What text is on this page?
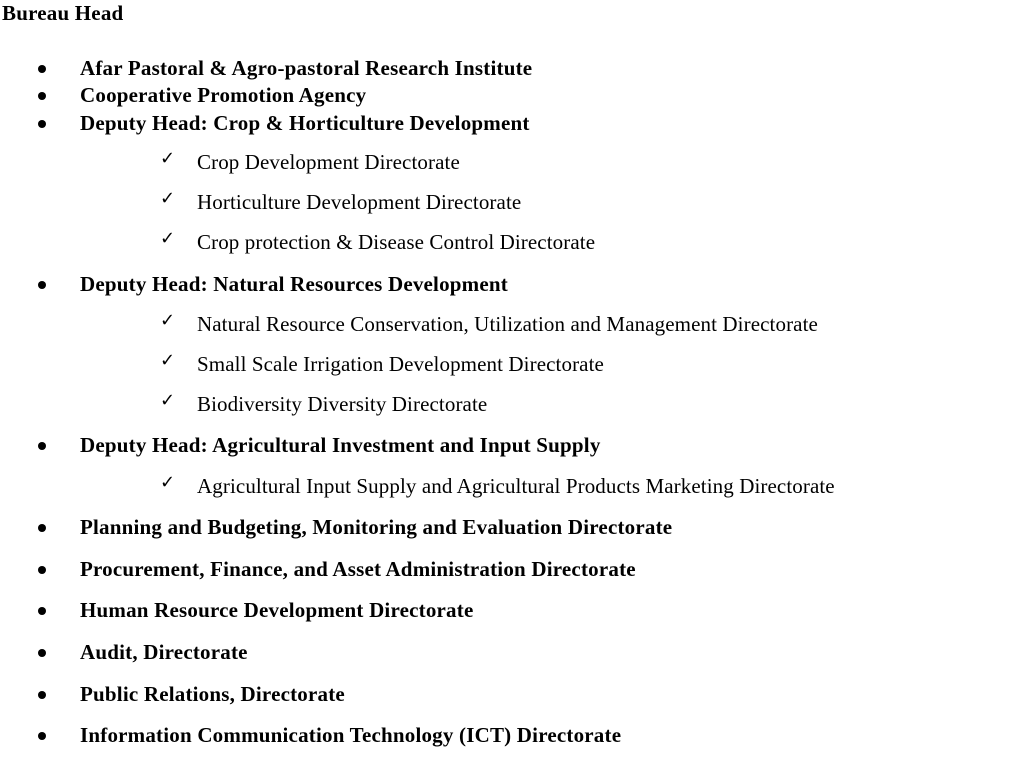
Bureau Head
Afar Pastoral & Agro-pastoral Research Institute
Cooperative Promotion Agency
Deputy Head: Crop & Horticulture Development
✓ Crop Development Directorate
✓ Horticulture Development Directorate
✓ Crop protection & Disease Control Directorate
Deputy Head: Natural Resources Development
✓ Natural Resource Conservation, Utilization and Management Directorate
✓ Small Scale Irrigation Development Directorate
✓ Biodiversity Diversity Directorate
Deputy Head: Agricultural Investment and Input Supply
✓ Agricultural Input Supply and Agricultural Products Marketing Directorate
Planning and Budgeting, Monitoring and Evaluation Directorate
Procurement, Finance, and Asset Administration Directorate
Human Resource Development Directorate
Audit, Directorate
Public Relations, Directorate
Information Communication Technology (ICT) Directorate
